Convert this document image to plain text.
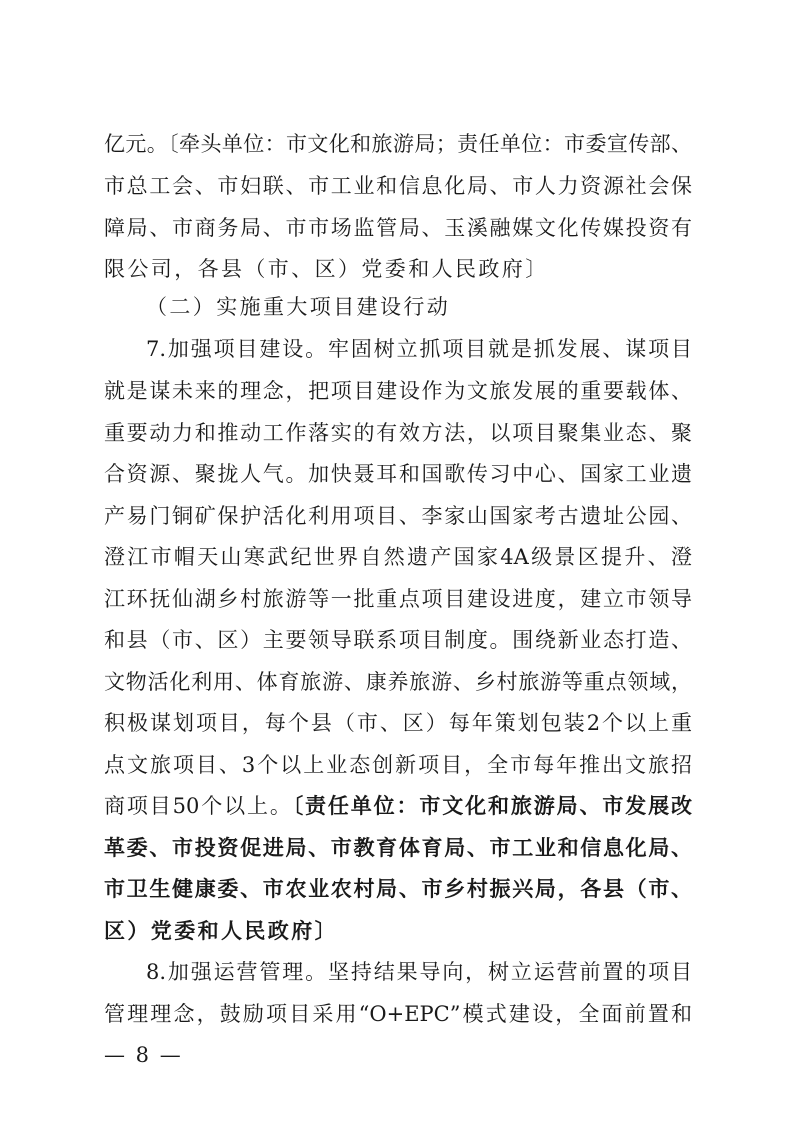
亿元。〔牵头单位：市文化和旅游局；责任单位：市委宣传部、
市总工会、市妇联、市工业和信息化局、市人力资源社会保
障局、市商务局、市市场监管局、玉溪融媒文化传媒投资有
限公司，各县（市、区）党委和人民政府〕
（二）实施重大项目建设行动
7.加强项目建设。牢固树立抓项目就是抓发展、谋项目
就是谋未来的理念，把项目建设作为文旅发展的重要载体、
重要动力和推动工作落实的有效方法，以项目聚集业态、聚
合资源、聚拢人气。加快聂耳和国歌传习中心、国家工业遗
产易门铜矿保护活化利用项目、李家山国家考古遗址公园、
澄江市帽天山寒武纪世界自然遗产国家4A级景区提升、澄
江环抚仙湖乡村旅游等一批重点项目建设进度，建立市领导
和县（市、区）主要领导联系项目制度。围绕新业态打造、
文物活化利用、体育旅游、康养旅游、乡村旅游等重点领域，
积极谋划项目，每个县（市、区）每年策划包装2个以上重
点文旅项目、3个以上业态创新项目，全市每年推出文旅招
商项目50个以上。〔责任单位：市文化和旅游局、市发展改
革委、市投资促进局、市教育体育局、市工业和信息化局、
市卫生健康委、市农业农村局、市乡村振兴局，各县（市、
区）党委和人民政府〕
8.加强运营管理。坚持结果导向，树立运营前置的项目
管理理念，鼓励项目采用“O+EPC”模式建设，全面前置和
— 8 —
